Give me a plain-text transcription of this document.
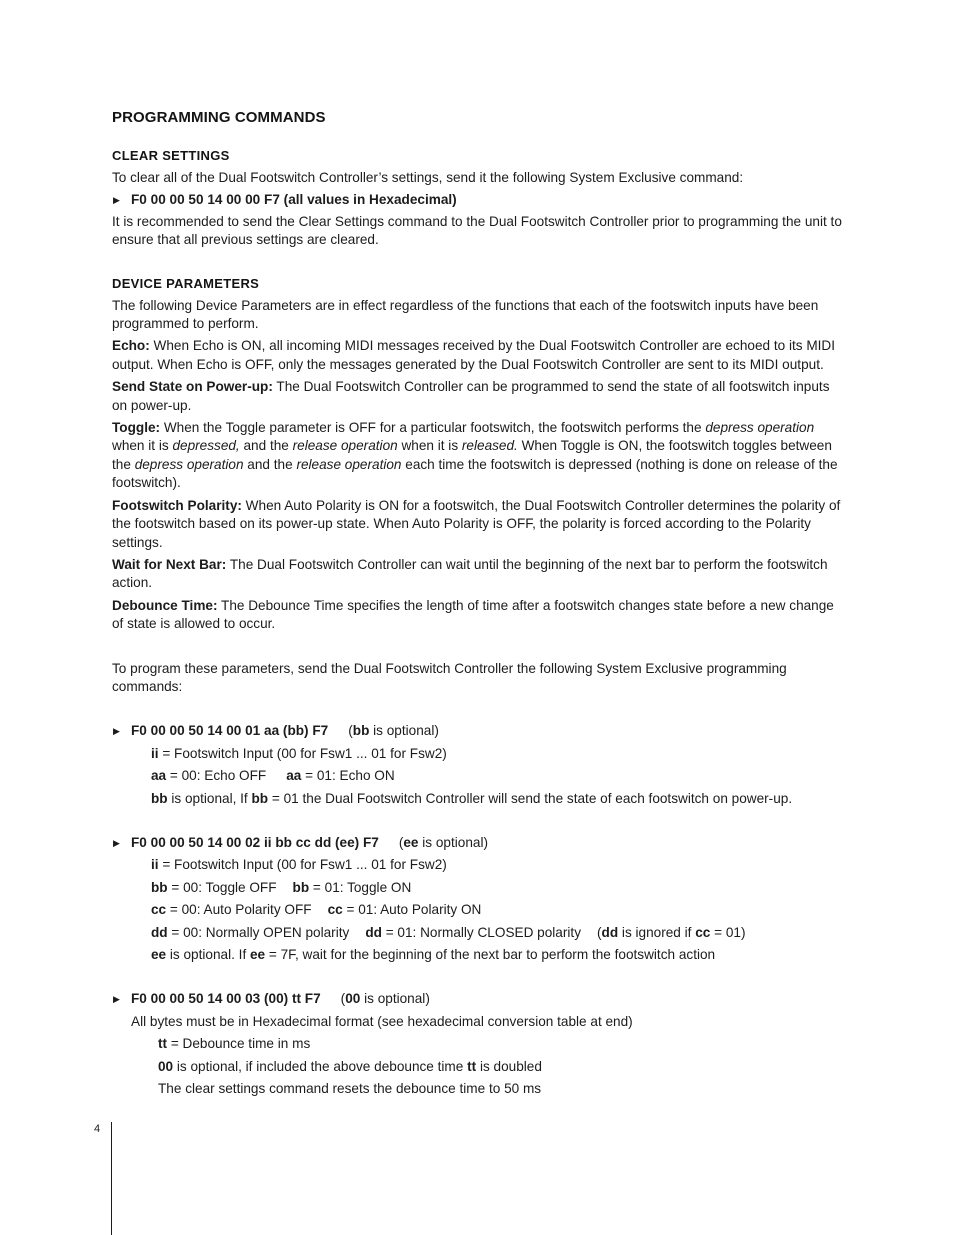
PROGRAMMING COMMANDS
CLEAR SETTINGS

To clear all of the Dual Footswitch Controller’s settings, send it the following System Exclusive command:

▶ F0 00 00 50 14 00 00 F7 (all values in Hexadecimal)

It is recommended to send the Clear Settings command to the Dual Footswitch Controller prior to programming the unit to ensure that all previous settings are cleared.

DEVICE PARAMETERS

The following Device Parameters are in effect regardless of the functions that each of the footswitch inputs have been programmed to perform.

Echo: When Echo is ON, all incoming MIDI messages received by the Dual Footswitch Controller are echoed to its MIDI output. When Echo is OFF, only the messages generated by the Dual Footswitch Controller are sent to its MIDI output.

Send State on Power-up: The Dual Footswitch Controller can be programmed to send the state of all footswitch inputs on power-up.

Toggle: When the Toggle parameter is OFF for a particular footswitch, the footswitch performs the depress operation when it is depressed, and the release operation when it is released. When Toggle is ON, the footswitch toggles between the depress operation and the release operation each time the footswitch is depressed (nothing is done on release of the footswitch).

Footswitch Polarity: When Auto Polarity is ON for a footswitch, the Dual Footswitch Controller determines the polarity of the footswitch based on its power-up state. When Auto Polarity is OFF, the polarity is forced according to the Polarity settings.

Wait for Next Bar: The Dual Footswitch Controller can wait until the beginning of the next bar to perform the footswitch action.

Debounce Time: The Debounce Time specifies the length of time after a footswitch changes state before a new change of state is allowed to occur.

To program these parameters, send the Dual Footswitch Controller the following System Exclusive programming commands:

▶ F0 00 00 50 14 00 01 aa (bb) F7 (bb is optional)

ii = Footswitch Input (00 for Fsw1 ... 01 for Fsw2)

aa = 00: Echo OFF aa = 01: Echo ON

bb is optional, If bb = 01 the Dual Footswitch Controller will send the state of each footswitch on power-up.

▶ F0 00 00 50 14 00 02 ii bb cc dd (ee) F7 (ee is optional)

ii = Footswitch Input (00 for Fsw1 ... 01 for Fsw2)

bb = 00: Toggle OFF bb = 01: Toggle ON

cc = 00: Auto Polarity OFF cc = 01: Auto Polarity ON

dd = 00: Normally OPEN polarity dd = 01: Normally CLOSED polarity (dd is ignored if cc = 01)

ee is optional. If ee = 7F, wait for the beginning of the next bar to perform the footswitch action

▶ F0 00 00 50 14 00 03 (00) tt F7 (00 is optional)

All bytes must be in Hexadecimal format (see hexadecimal conversion table at end)

tt = Debounce time in ms

00 is optional, if included the above debounce time tt is doubled

The clear settings command resets the debounce time to 50 ms

4
